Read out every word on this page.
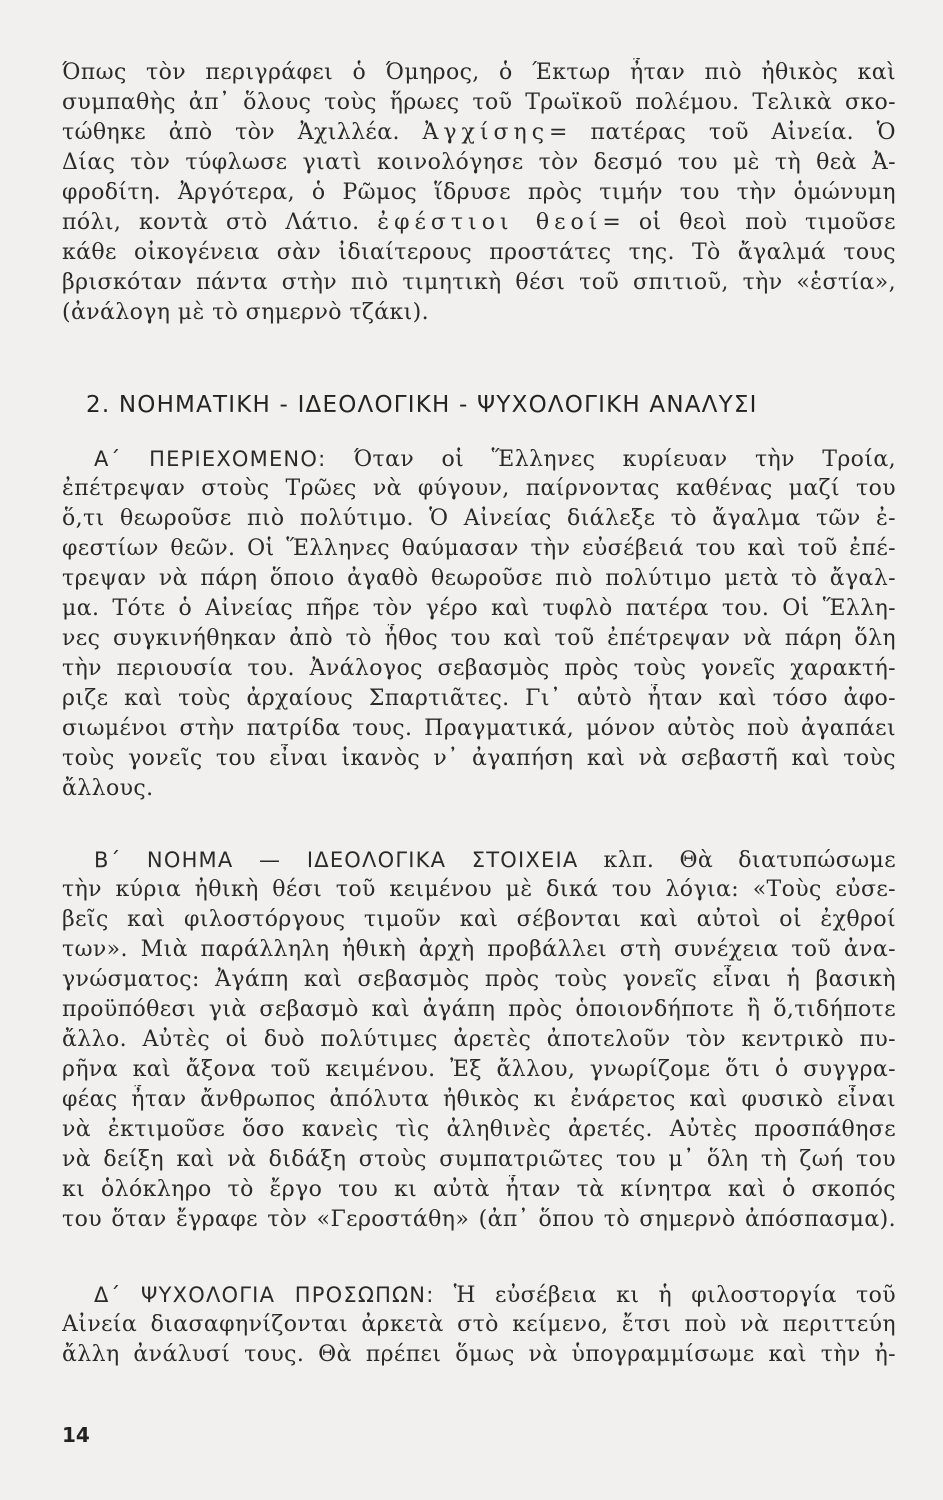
Όπως τὸν περιγράφει ὁ Όμηρος, ὁ Έκτωρ ἦταν πιὸ ἠθικὸς καὶ
συμπαθὴς ἀπ᾿ ὅλους τοὺς ἥρωες τοῦ Τρωϊκοῦ πολέμου. Τελικὰ σκο-
τώθηκε ἀπὸ τὸν Ἀχιλλέα. Ἀγχίσης= πατέρας τοῦ Αἰνεία. Ὁ
Δίας τὸν τύφλωσε γιατὶ κοινολόγησε τὸν δεσμό του μὲ τὴ θεὰ Ἀ-
φροδίτη. Ἀργότερα, ὁ Ρῶμος ἵδρυσε πρὸς τιμήν του τὴν ὁμώνυμη
πόλι, κοντὰ στὸ Λάτιο. ἐφέστιοι θεοί= οἱ θεοὶ ποὺ τιμοῦσε
κάθε οἰκογένεια σὰν ἰδιαίτερους προστάτες της. Τὸ ἄγαλμά τους
βρισκόταν πάντα στὴν πιὸ τιμητικὴ θέσι τοῦ σπιτιοῦ, τὴν «ἑστία»,
(ἀνάλογη μὲ τὸ σημερνὸ τζάκι).
2. ΝΟΗΜΑΤΙΚΗ - ΙΔΕΟΛΟΓΙΚΗ - ΨΥΧΟΛΟΓΙΚΗ ΑΝΑΛΥΣΙ
Α΄ ΠΕΡΙΕΧΟΜΕΝΟ: Όταν οἱ Ἕλληνες κυρίευαν τὴν Τροία,
ἐπέτρεψαν στοὺς Τρῶες νὰ φύγουν, παίρνοντας καθένας μαζί του
ὅ,τι θεωροῦσε πιὸ πολύτιμο. Ὁ Αἰνείας διάλεξε τὸ ἄγαλμα τῶν ἐ-
φεστίων θεῶν. Οἱ Ἕλληνες θαύμασαν τὴν εὐσέβειά του καὶ τοῦ ἐπέ-
τρεψαν νὰ πάρη ὅποιο ἀγαθὸ θεωροῦσε πιὸ πολύτιμο μετὰ τὸ ἄγαλ-
μα. Τότε ὁ Αἰνείας πῆρε τὸν γέρο καὶ τυφλὸ πατέρα του. Οἱ Ἕλλη-
νες συγκινήθηκαν ἀπὸ τὸ ἦθος του καὶ τοῦ ἐπέτρεψαν νὰ πάρη ὅλη
τὴν περιουσία του. Ἀνάλογος σεβασμὸς πρὸς τοὺς γονεῖς χαρακτή-
ριζε καὶ τοὺς ἀρχαίους Σπαρτιᾶτες. Γι᾿ αὐτὸ ἦταν καὶ τόσο ἀφο-
σιωμένοι στὴν πατρίδα τους. Πραγματικά, μόνον αὐτὸς ποὺ ἀγαπάει
τοὺς γονεῖς του εἶναι ἱκανὸς ν᾿ ἀγαπήση καὶ νὰ σεβαστῆ καὶ τοὺς
ἄλλους.
Β΄ ΝΟΗΜΑ — ΙΔΕΟΛΟΓΙΚΑ ΣΤΟΙΧΕΙΑ κλπ. Θὰ διατυπώσωμε
τὴν κύρια ἠθικὴ θέσι τοῦ κειμένου μὲ δικά του λόγια: «Τοὺς εὐσε-
βεῖς καὶ φιλοστόργους τιμοῦν καὶ σέβονται καὶ αὐτοὶ οἱ ἐχθροί
των». Μιὰ παράλληλη ἠθικὴ ἀρχὴ προβάλλει στὴ συνέχεια τοῦ ἀνα-
γνώσματος: Ἀγάπη καὶ σεβασμὸς πρὸς τοὺς γονεῖς εἶναι ἡ βασικὴ
προϋπόθεσι γιὰ σεβασμὸ καὶ ἀγάπη πρὸς ὁποιονδήποτε ἢ ὅ,τιδήποτε
ἄλλο. Αὐτὲς οἱ δυὸ πολύτιμες ἀρετὲς ἀποτελοῦν τὸν κεντρικὸ πυ-
ρῆνα καὶ ἄξονα τοῦ κειμένου. Ἐξ ἄλλου, γνωρίζομε ὅτι ὁ συγγρα-
φέας ἦταν ἄνθρωπος ἀπόλυτα ἠθικὸς κι ἐνάρετος καὶ φυσικὸ εἶναι
νὰ ἐκτιμοῦσε ὅσο κανεὶς τὶς ἀληθινὲς ἀρετές. Αὐτὲς προσπάθησε
νὰ δείξη καὶ νὰ διδάξη στοὺς συμπατριῶτες του μ᾿ ὅλη τὴ ζωή του
κι ὁλόκληρο τὸ ἔργο του κι αὐτὰ ἦταν τὰ κίνητρα καὶ ὁ σκοπός
του ὅταν ἔγραφε τὸν «Γεροστάθη» (ἀπ᾿ ὅπου τὸ σημερνὸ ἀπόσπασμα).
Δ΄ ΨΥΧΟΛΟΓΙΑ ΠΡΟΣΩΠΩΝ: Ἡ εὐσέβεια κι ἡ φιλοστοργία τοῦ
Αἰνεία διασαφηνίζονται ἀρκετὰ στὸ κείμενο, ἔτσι ποὺ νὰ περιττεύη
ἄλλη ἀνάλυσί τους. Θὰ πρέπει ὅμως νὰ ὑπογραμμίσωμε καὶ τὴν ἠ-
14
